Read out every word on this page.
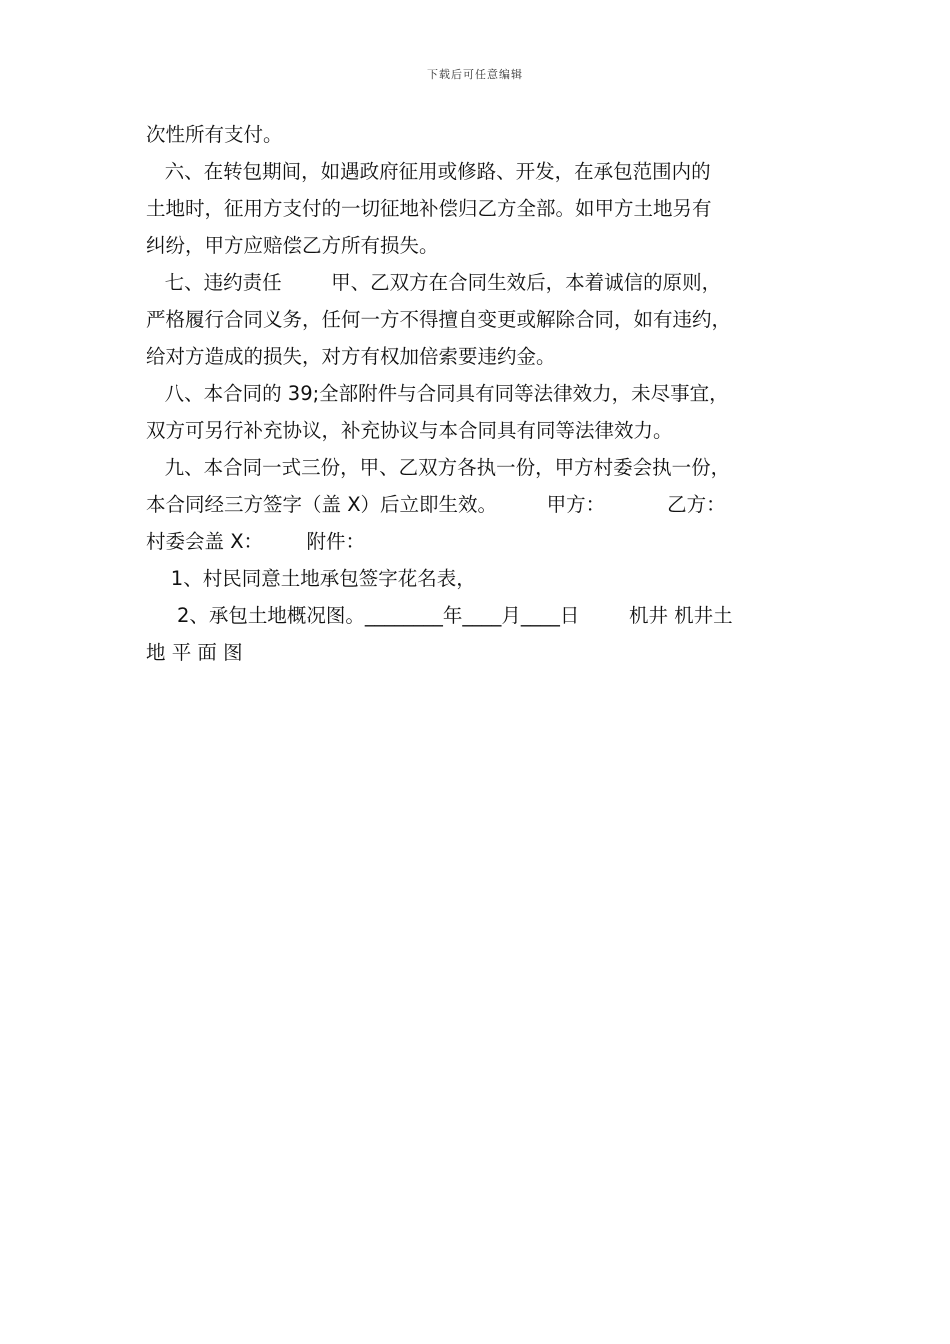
下载后可任意编辑
次性所有支付。
六、在转包期间，如遇政府征用或修路、开发，在承包范围内的
土地时，征用方支付的一切征地补偿归乙方全部。如甲方土地另有
纠纷，甲方应赔偿乙方所有损失。
七、违约责任        甲、乙双方在合同生效后，本着诚信的原则，
严格履行合同义务，任何一方不得擅自变更或解除合同，如有违约，
给对方造成的损失，对方有权加倍索要违约金。
八、本合同的 39;全部附件与合同具有同等法律效力，未尽事宜，
双方可另行补充协议，补充协议与本合同具有同等法律效力。
九、本合同一式三份，甲、乙双方各执一份，甲方村委会执一份，
本合同经三方签字（盖 X）后立即生效。        甲方：          乙方：
村委会盖 X：       附件：
1、村民同意土地承包签字花名表，
2、承包土地概况图。________年____月____日        机井 机井土
地 平 面 图
